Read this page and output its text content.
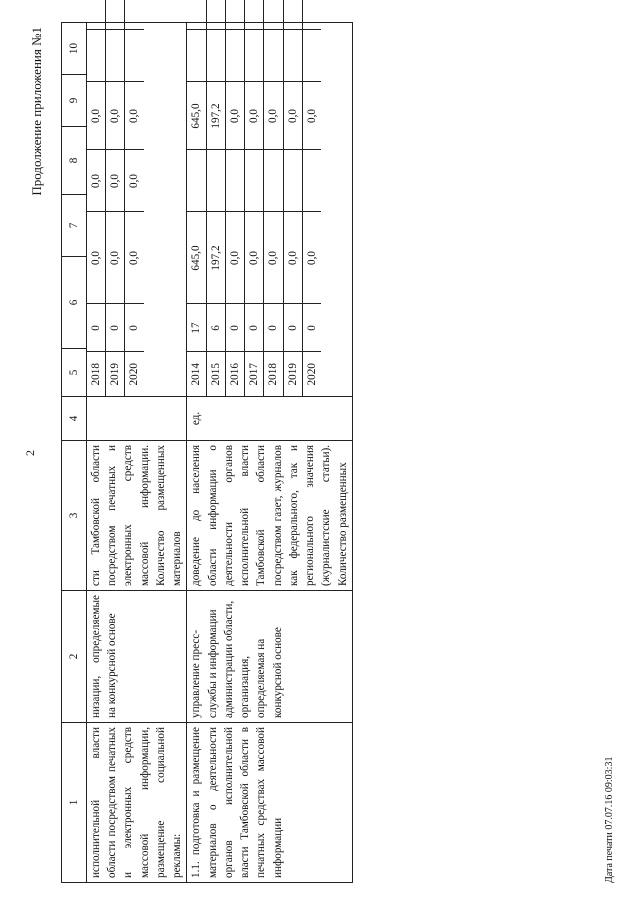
2
Продолжение приложения №1
1	2	3	4	5	6	7	8	9	10
исполнительной власти области посредством печатных и электронных средств массовой информации, размещение социальной рекламы:	низации, определяемые на конкурсной основе	сти Тамбовской области посредством печатных и электронных средств массовой информации. Количество размещенных материалов		
2018	0	0,0	0,0	0,0		
2019	0	0,0	0,0	0,0		
2020	0	0,0	0,0	0,0		

1.1. подготовка и размещение материалов о деятельности органов исполнительной власти Тамбовской области в печатных средствах массовой информации	управление пресс-службы и информации администрации области, организация, определяемая на конкурсной основе	доведение до населения области информации о деятельности органов исполнительной власти Тамбовской области посредством газет, журналов как федерального, так и регионального значения (журналистские статьи). Количество размещенных	ед.	
2014	17	645,0		645,0		
2015	6	197,2		197,2		
2016	0	0,0		0,0		
2017	0	0,0		0,0		
2018	0	0,0		0,0		
2019	0	0,0		0,0		
2020	0	0,0		0,0		
Дата печати 07.07.16 09:03:31
